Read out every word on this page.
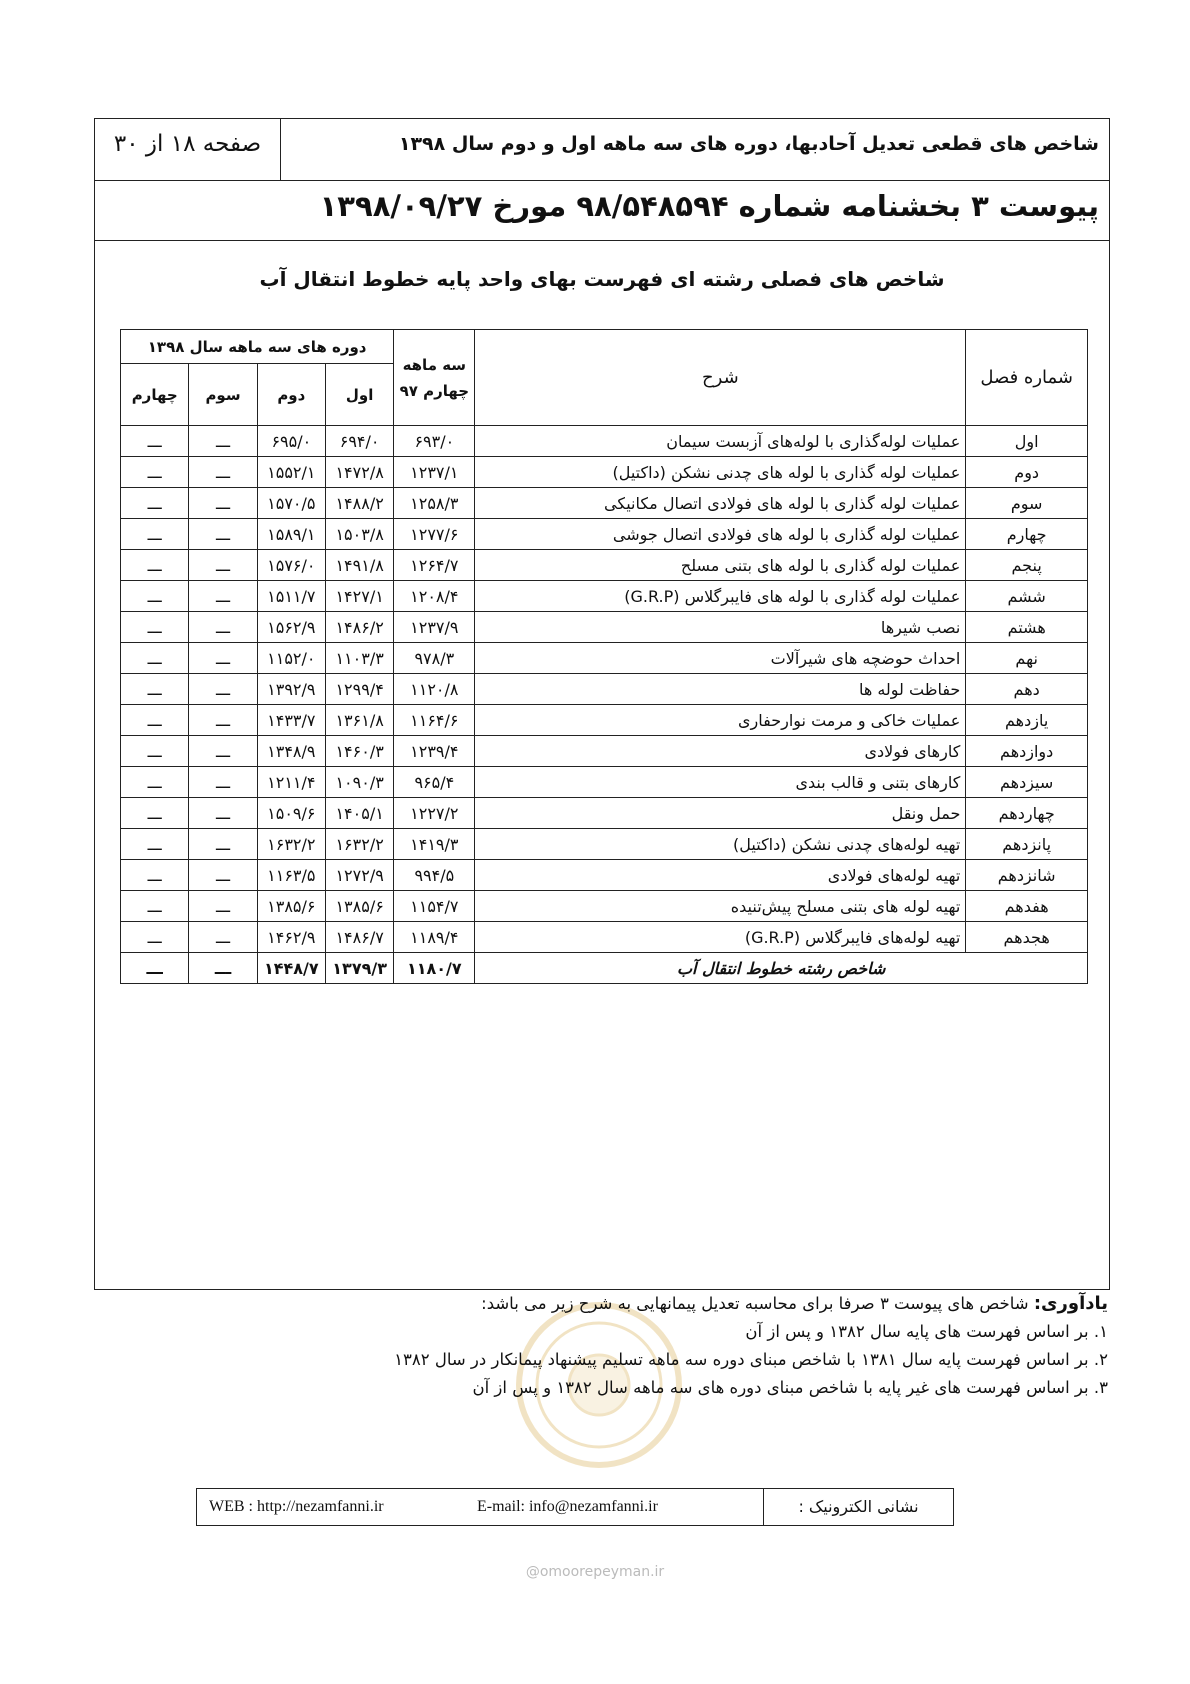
شاخص های قطعی تعدیل آحادبها، دوره های سه ماهه اول و دوم سال ۱۳۹۸
صفحه ۱۸ از ۳۰
پیوست ۳ بخشنامه شماره ۹۸/۵۴۸۵۹۴ مورخ ۱۳۹۸/۰۹/۲۷
شاخص های فصلی رشته ای فهرست بهای واحد پایه خطوط انتقال آب
شماره فصل	شرح	سه ماهه چهارم ۹۷	دوره های سه ماهه سال ۱۳۹۸			
			اول	دوم	سوم	چهارم
اول	عملیات لوله‌گذاری با لوله‌های آزبست سیمان	۶۹۳/۰	۶۹۴/۰	۶۹۵/۰	ـــ	ـــ
دوم	عملیات لوله گذاری با لوله های چدنی نشکن (داکتیل)	۱۲۳۷/۱	۱۴۷۲/۸	۱۵۵۲/۱	ـــ	ـــ
سوم	عملیات لوله گذاری با لوله های فولادی اتصال مکانیکی	۱۲۵۸/۳	۱۴۸۸/۲	۱۵۷۰/۵	ـــ	ـــ
چهارم	عملیات لوله گذاری با لوله های فولادی اتصال جوشی	۱۲۷۷/۶	۱۵۰۳/۸	۱۵۸۹/۱	ـــ	ـــ
پنجم	عملیات لوله گذاری با لوله های بتنی مسلح	۱۲۶۴/۷	۱۴۹۱/۸	۱۵۷۶/۰	ـــ	ـــ
ششم	عملیات لوله گذاری با لوله های فایبرگلاس (G.R.P)	۱۲۰۸/۴	۱۴۲۷/۱	۱۵۱۱/۷	ـــ	ـــ
هشتم	نصب شیرها	۱۲۳۷/۹	۱۴۸۶/۲	۱۵۶۲/۹	ـــ	ـــ
نهم	احداث حوضچه های شیرآلات	۹۷۸/۳	۱۱۰۳/۳	۱۱۵۲/۰	ـــ	ـــ
دهم	حفاظت لوله ها	۱۱۲۰/۸	۱۲۹۹/۴	۱۳۹۲/۹	ـــ	ـــ
یازدهم	عملیات خاکی و مرمت نوارحفاری	۱۱۶۴/۶	۱۳۶۱/۸	۱۴۳۳/۷	ـــ	ـــ
دوازدهم	کارهای فولادی	۱۲۳۹/۴	۱۴۶۰/۳	۱۳۴۸/۹	ـــ	ـــ
سیزدهم	کارهای بتنی و قالب بندی	۹۶۵/۴	۱۰۹۰/۳	۱۲۱۱/۴	ـــ	ـــ
چهاردهم	حمل ونقل	۱۲۲۷/۲	۱۴۰۵/۱	۱۵۰۹/۶	ـــ	ـــ
پانزدهم	تهیه لوله‌های چدنی نشکن (داکتیل)	۱۴۱۹/۳	۱۶۳۲/۲	۱۶۳۲/۲	ـــ	ـــ
شانزدهم	تهیه لوله‌های فولادی	۹۹۴/۵	۱۲۷۲/۹	۱۱۶۳/۵	ـــ	ـــ
هفدهم	تهیه لوله های بتنی مسلح پیش‌تنیده	۱۱۵۴/۷	۱۳۸۵/۶	۱۳۸۵/۶	ـــ	ـــ
هجدهم	تهیه لوله‌های فایبرگلاس (G.R.P)	۱۱۸۹/۴	۱۴۸۶/۷	۱۴۶۲/۹	ـــ	ـــ
شاخص رشته خطوط انتقال آب		۱۱۸۰/۷	۱۳۷۹/۳	۱۴۴۸/۷	ـــ	ـــ
@omoorepeyman.ir
یادآوری: شاخص های پیوست ۳ صرفا برای محاسبه تعدیل پیمانهایی به شرح زیر می باشد:
۱. بر اساس فهرست های پایه سال ۱۳۸۲ و پس از آن
۲. بر اساس فهرست پایه سال ۱۳۸۱ با شاخص مبنای دوره سه ماهه تسلیم پیشنهاد پیمانکار در سال ۱۳۸۲
۳. بر اساس فهرست های غیر پایه با شاخص مبنای دوره های سه ماهه سال ۱۳۸۲ و پس از آن
نشانی الکترونیک :
WEB : http://nezamfanni.ir	E-mail: info@nezamfanni.ir
